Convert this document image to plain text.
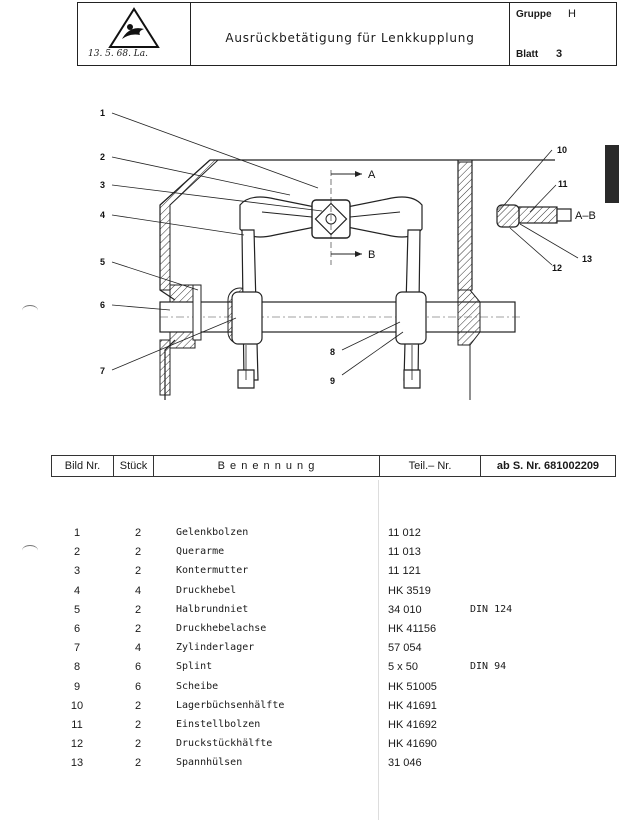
13. 5. 68. La.
Ausrückbetätigung für Lenkkupplung
Gruppe H
Blatt 3
1
2
3
4
5
6
7
8
9
10
11
12
13
A
B
A–B
Bild Nr.	Stück	B e n e n n u n g	Teil.– Nr.	ab S. Nr. 681002209
1	2	Gelenkbolzen	11 012
2	2	Querarme	11 013
3	2	Kontermutter	11 121
4	4	Druckhebel	HK 3519
5	2	Halbrundniet	34 010	DIN 124
6	2	Druckhebelachse	HK 41156
7	4	Zylinderlager	57 054
8	6	Splint	5 x 50	DIN 94
9	6	Scheibe	HK 51005
10	2	Lagerbüchsenhälfte	HK 41691
11	2	Einstellbolzen	HK 41692
12	2	Druckstückhälfte	HK 41690
13	2	Spannhülsen	31 046
